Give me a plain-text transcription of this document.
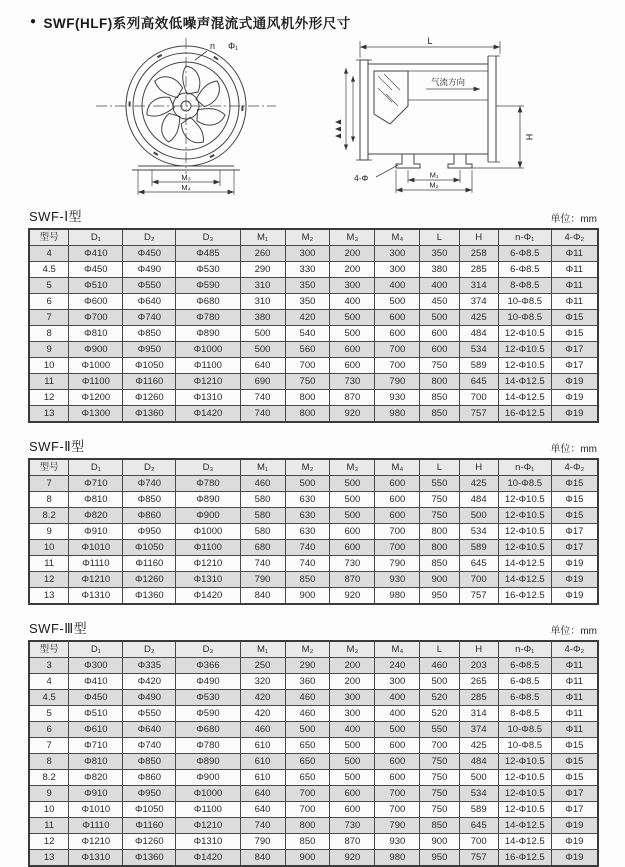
● SWF(HLF)系列高效低噪声混流式通风机外形尺寸
n Φ₁
M₃
M₄
L
气流方向
H
4-Φ	M₁
M₂
SWF-Ⅰ型	单位：mm
型号	D₁	D₂	D₃	M₁	M₂	M₃	M₄	L	H	n-Φ₁	4-Φ₂
4	Φ410	Φ450	Φ485	260	300	200	300	350	258	6-Φ8.5	Φ11
4.5	Φ450	Φ490	Φ530	290	330	200	300	380	285	6-Φ8.5	Φ11
5	Φ510	Φ550	Φ590	310	350	300	400	400	314	8-Φ8.5	Φ11
6	Φ600	Φ640	Φ680	310	350	400	500	450	374	10-Φ8.5	Φ11
7	Φ700	Φ740	Φ780	380	420	500	600	500	425	10-Φ8.5	Φ15
8	Φ810	Φ850	Φ890	500	540	500	600	600	484	12-Φ10.5	Φ15
9	Φ900	Φ950	Φ1000	500	560	600	700	600	534	12-Φ10.5	Φ17
10	Φ1000	Φ1050	Φ1100	640	700	600	700	750	589	12-Φ10.5	Φ17
11	Φ1100	Φ1160	Φ1210	690	750	730	790	800	645	14-Φ12.5	Φ19
12	Φ1200	Φ1260	Φ1310	740	800	870	930	850	700	14-Φ12.5	Φ19
13	Φ1300	Φ1360	Φ1420	740	800	920	980	850	757	16-Φ12.5	Φ19
SWF-Ⅱ型	单位：mm
型号	D₁	D₂	D₃	M₁	M₂	M₃	M₄	L	H	n-Φ₁	4-Φ₂
7	Φ710	Φ740	Φ780	460	500	500	600	550	425	10-Φ8.5	Φ15
8	Φ810	Φ850	Φ890	580	630	500	600	750	484	12-Φ10.5	Φ15
8.2	Φ820	Φ860	Φ900	580	630	500	600	750	500	12-Φ10.5	Φ15
9	Φ910	Φ950	Φ1000	580	630	600	700	800	534	12-Φ10.5	Φ17
10	Φ1010	Φ1050	Φ1100	680	740	600	700	800	589	12-Φ10.5	Φ17
11	Φ1110	Φ1160	Φ1210	740	740	730	790	850	645	14-Φ12.5	Φ19
12	Φ1210	Φ1260	Φ1310	790	850	870	930	900	700	14-Φ12.5	Φ19
13	Φ1310	Φ1360	Φ1420	840	900	920	980	950	757	16-Φ12.5	Φ19
SWF-Ⅲ型	单位：mm
型号	D₁	D₂	D₃	M₁	M₂	M₃	M₄	L	H	n-Φ₁	4-Φ₂
3	Φ300	Φ335	Φ366	250	290	200	240	460	203	6-Φ8.5	Φ11
4	Φ410	Φ420	Φ490	320	360	200	300	500	265	6-Φ8.5	Φ11
4.5	Φ450	Φ490	Φ530	420	460	300	400	520	285	6-Φ8.5	Φ11
5	Φ510	Φ550	Φ590	420	460	300	400	520	314	8-Φ8.5	Φ11
6	Φ610	Φ640	Φ680	460	500	400	500	550	374	10-Φ8.5	Φ11
7	Φ710	Φ740	Φ780	610	650	500	600	700	425	10-Φ8.5	Φ15
8	Φ810	Φ850	Φ890	610	650	500	600	750	484	12-Φ10.5	Φ15
8.2	Φ820	Φ860	Φ900	610	650	500	600	750	500	12-Φ10.5	Φ15
9	Φ910	Φ950	Φ1000	640	700	600	700	750	534	12-Φ10.5	Φ17
10	Φ1010	Φ1050	Φ1100	640	700	600	700	750	589	12-Φ10.5	Φ17
11	Φ1110	Φ1160	Φ1210	740	800	730	790	850	645	14-Φ12.5	Φ19
12	Φ1210	Φ1260	Φ1310	790	850	870	930	900	700	14-Φ12.5	Φ19
13	Φ1310	Φ1360	Φ1420	840	900	920	980	950	757	16-Φ12.5	Φ19
